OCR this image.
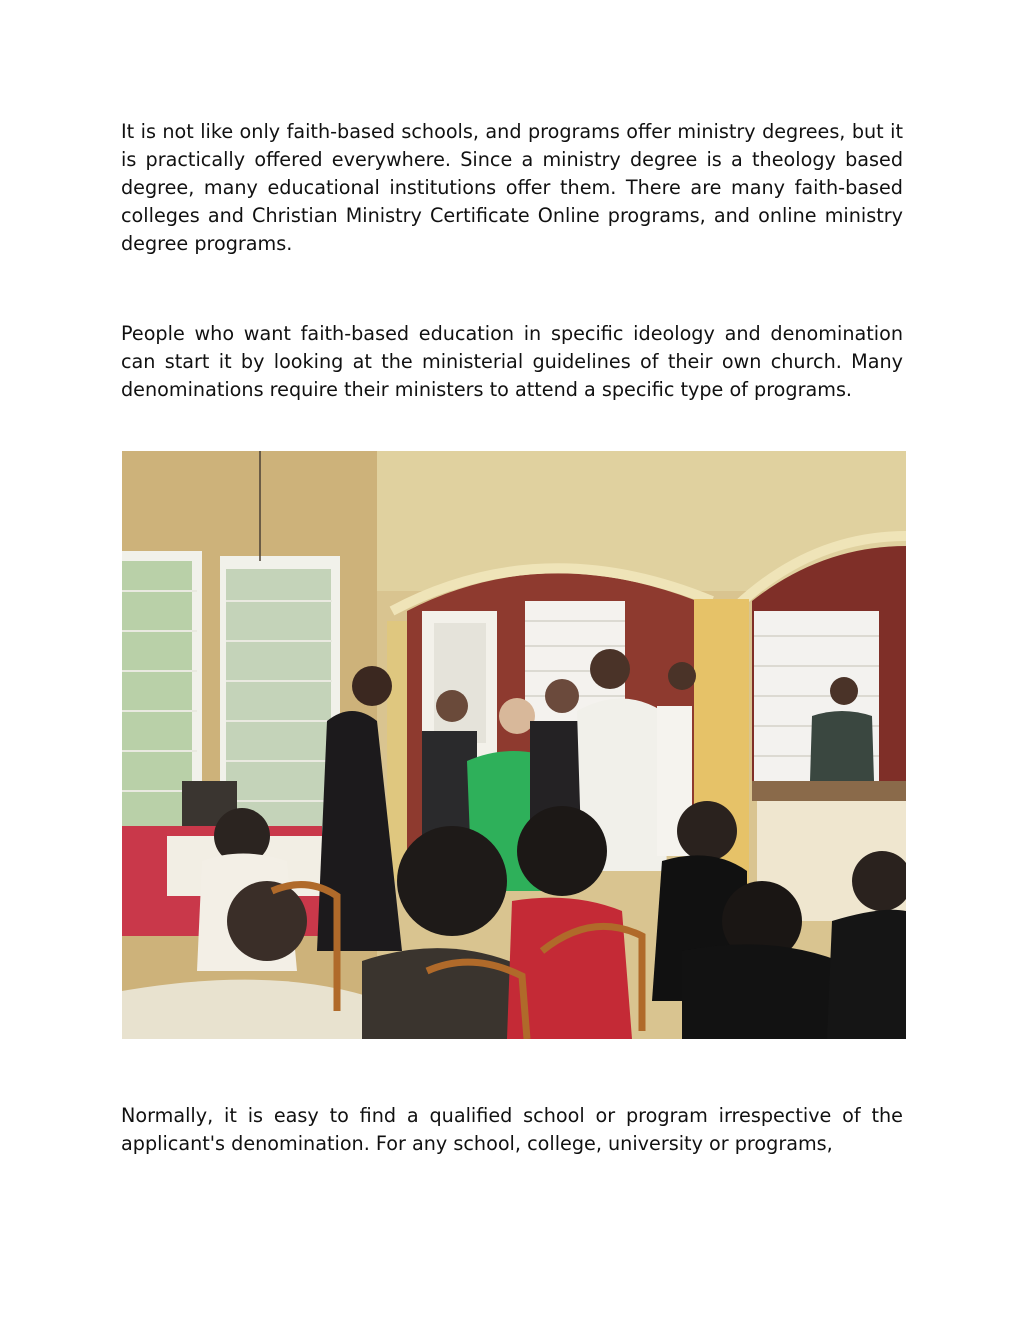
It is not like only faith-based schools, and programs offer ministry degrees, but it is practically offered everywhere. Since a ministry degree is a theology based degree, many educational institutions offer them. There are many faith-based colleges and Christian Ministry Certificate Online programs, and online ministry degree programs.

People who want faith-based education in specific ideology and denomination can start it by looking at the ministerial guidelines of their own church. Many denominations require their ministers to attend a specific type of programs.

Normally, it is easy to find a qualified school or program irrespective of the applicant's denomination. For any school, college, university or programs,
